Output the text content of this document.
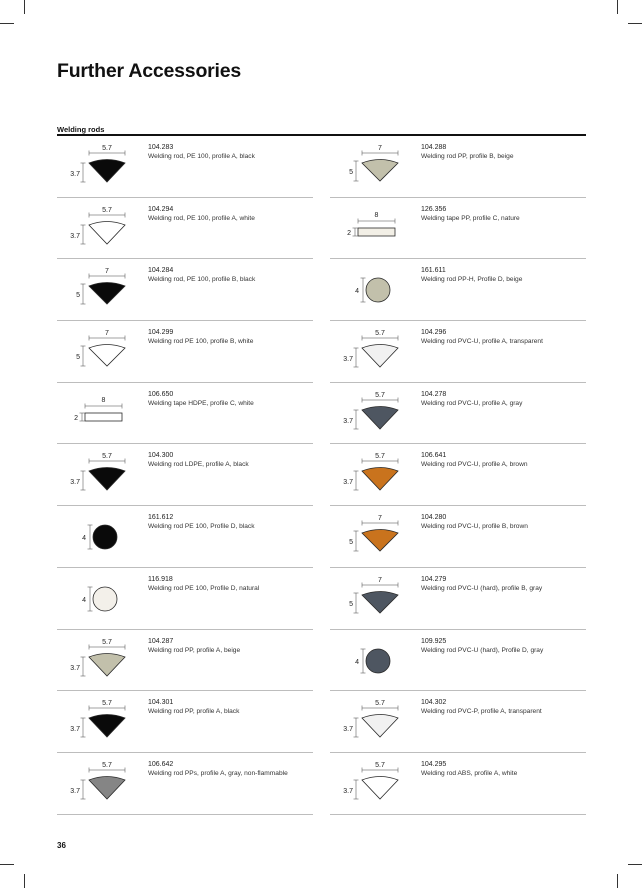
Further Accessories
Welding rods
5.7
3.7
104.283
Welding rod, PE 100, profile A, black
5.7
3.7
104.294
Welding rod, PE 100, profile A, white
7
5
104.284
Welding rod, PE 100, profile B, black
7
5
104.299
Welding rod PE 100, profile B, white
8
2
106.650
Welding tape HDPE, profile C, white
5.7
3.7
104.300
Welding rod LDPE, profile A, black
4
161.612
Welding rod PE 100, Profile D, black
4
116.918
Welding rod PE 100, Profile D, natural
5.7
3.7
104.287
Welding rod PP, profile A, beige
5.7
3.7
104.301
Welding rod PP, profile A, black
5.7
3.7
106.642
Welding rod PPs, profile A, gray, non-flammable
7
5
104.288
Welding rod PP, profile B, beige
8
2
126.356
Welding tape PP, profile C, nature
4
161.611
Welding rod PP-H, Profile D, beige
5.7
3.7
104.296
Welding rod PVC-U, profile A, transparent
5.7
3.7
104.278
Welding rod PVC-U, profile A, gray
5.7
3.7
106.641
Welding rod PVC-U, profile A, brown
7
5
104.280
Welding rod PVC-U, profile B, brown
7
5
104.279
Welding rod PVC-U (hard), profile B, gray
4
109.925
Welding rod PVC-U (hard), Profile D, gray
5.7
3.7
104.302
Welding rod PVC-P, profile A, transparent
5.7
3.7
104.295
Welding rod ABS, profile A, white
36
